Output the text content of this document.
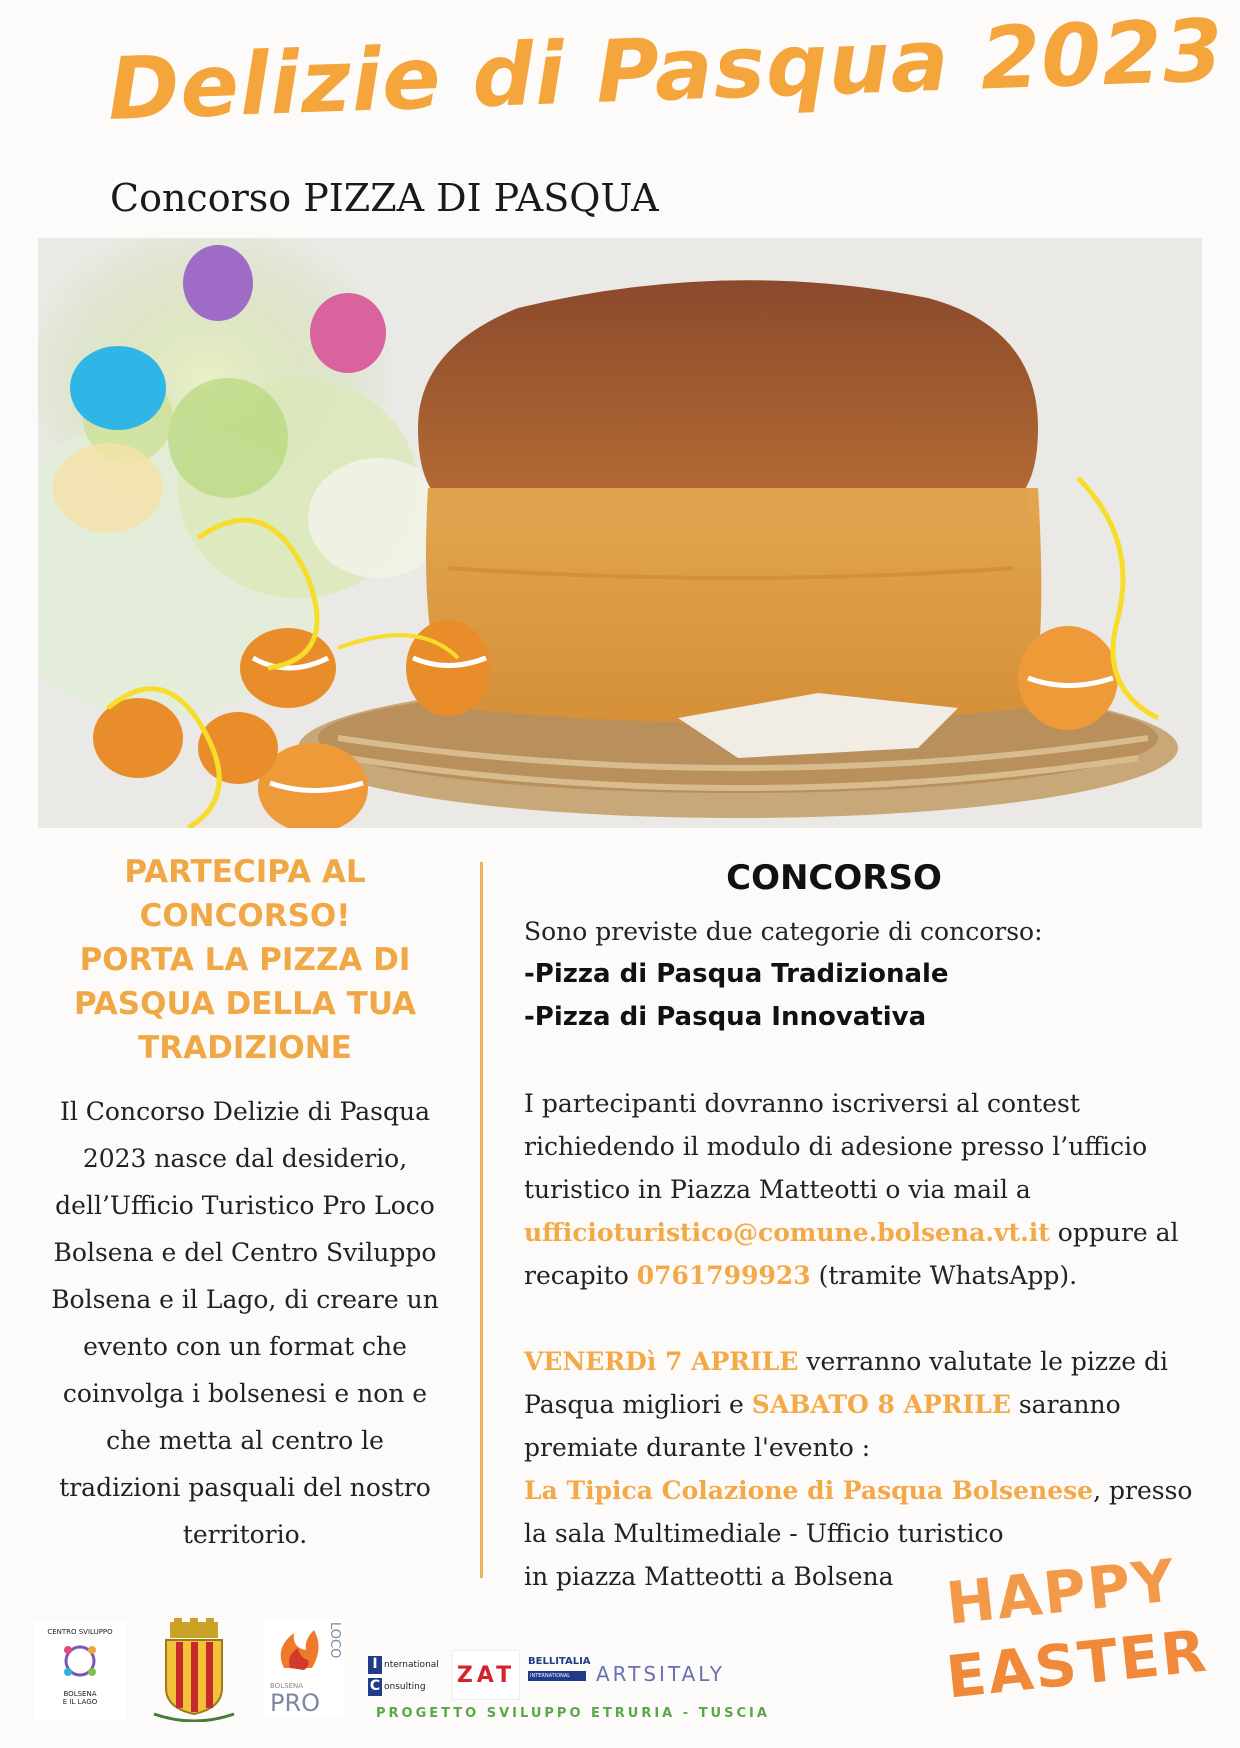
Delizie di Pasqua 2023
Concorso PIZZA DI PASQUA
PARTECIPA AL
CONCORSO!
PORTA LA PIZZA DI
PASQUA DELLA TUA
TRADIZIONE
Il Concorso Delizie di Pasqua
2023 nasce dal desiderio,
dell’Ufficio Turistico Pro Loco
Bolsena e del Centro Sviluppo
Bolsena e il Lago, di creare un
evento con un format che
coinvolga i bolsenesi e non e
che metta al centro le
tradizioni pasquali del nostro
territorio.
CONCORSO
Sono previste due categorie di concorso:
-Pizza di Pasqua Tradizionale
-Pizza di Pasqua Innovativa
I partecipanti dovranno iscriversi al contest
richiedendo il modulo di adesione presso l’ufficio
turistico in Piazza Matteotti o via mail a
ufficioturistico@comune.bolsena.vt.it oppure al
recapito 0761799923 (tramite WhatsApp).
VENERDì 7 APRILE verranno valutate le pizze di
Pasqua migliori e SABATO 8 APRILE saranno
premiate durante l'evento :
La Tipica Colazione di Pasqua Bolsenese, presso
la sala Multimediale - Ufficio turistico
in piazza Matteotti a Bolsena
CENTRO SVILUPPO
BOLSENA
E IL LAGO
LOCO
BOLSENA
PRO
I nternational
C onsulting ZAT
BELLITALIA
INTERNATIONAL	ARTSITALY
PROGETTO SVILUPPO ETRURIA - TUSCIA
HAPPY
EASTER
